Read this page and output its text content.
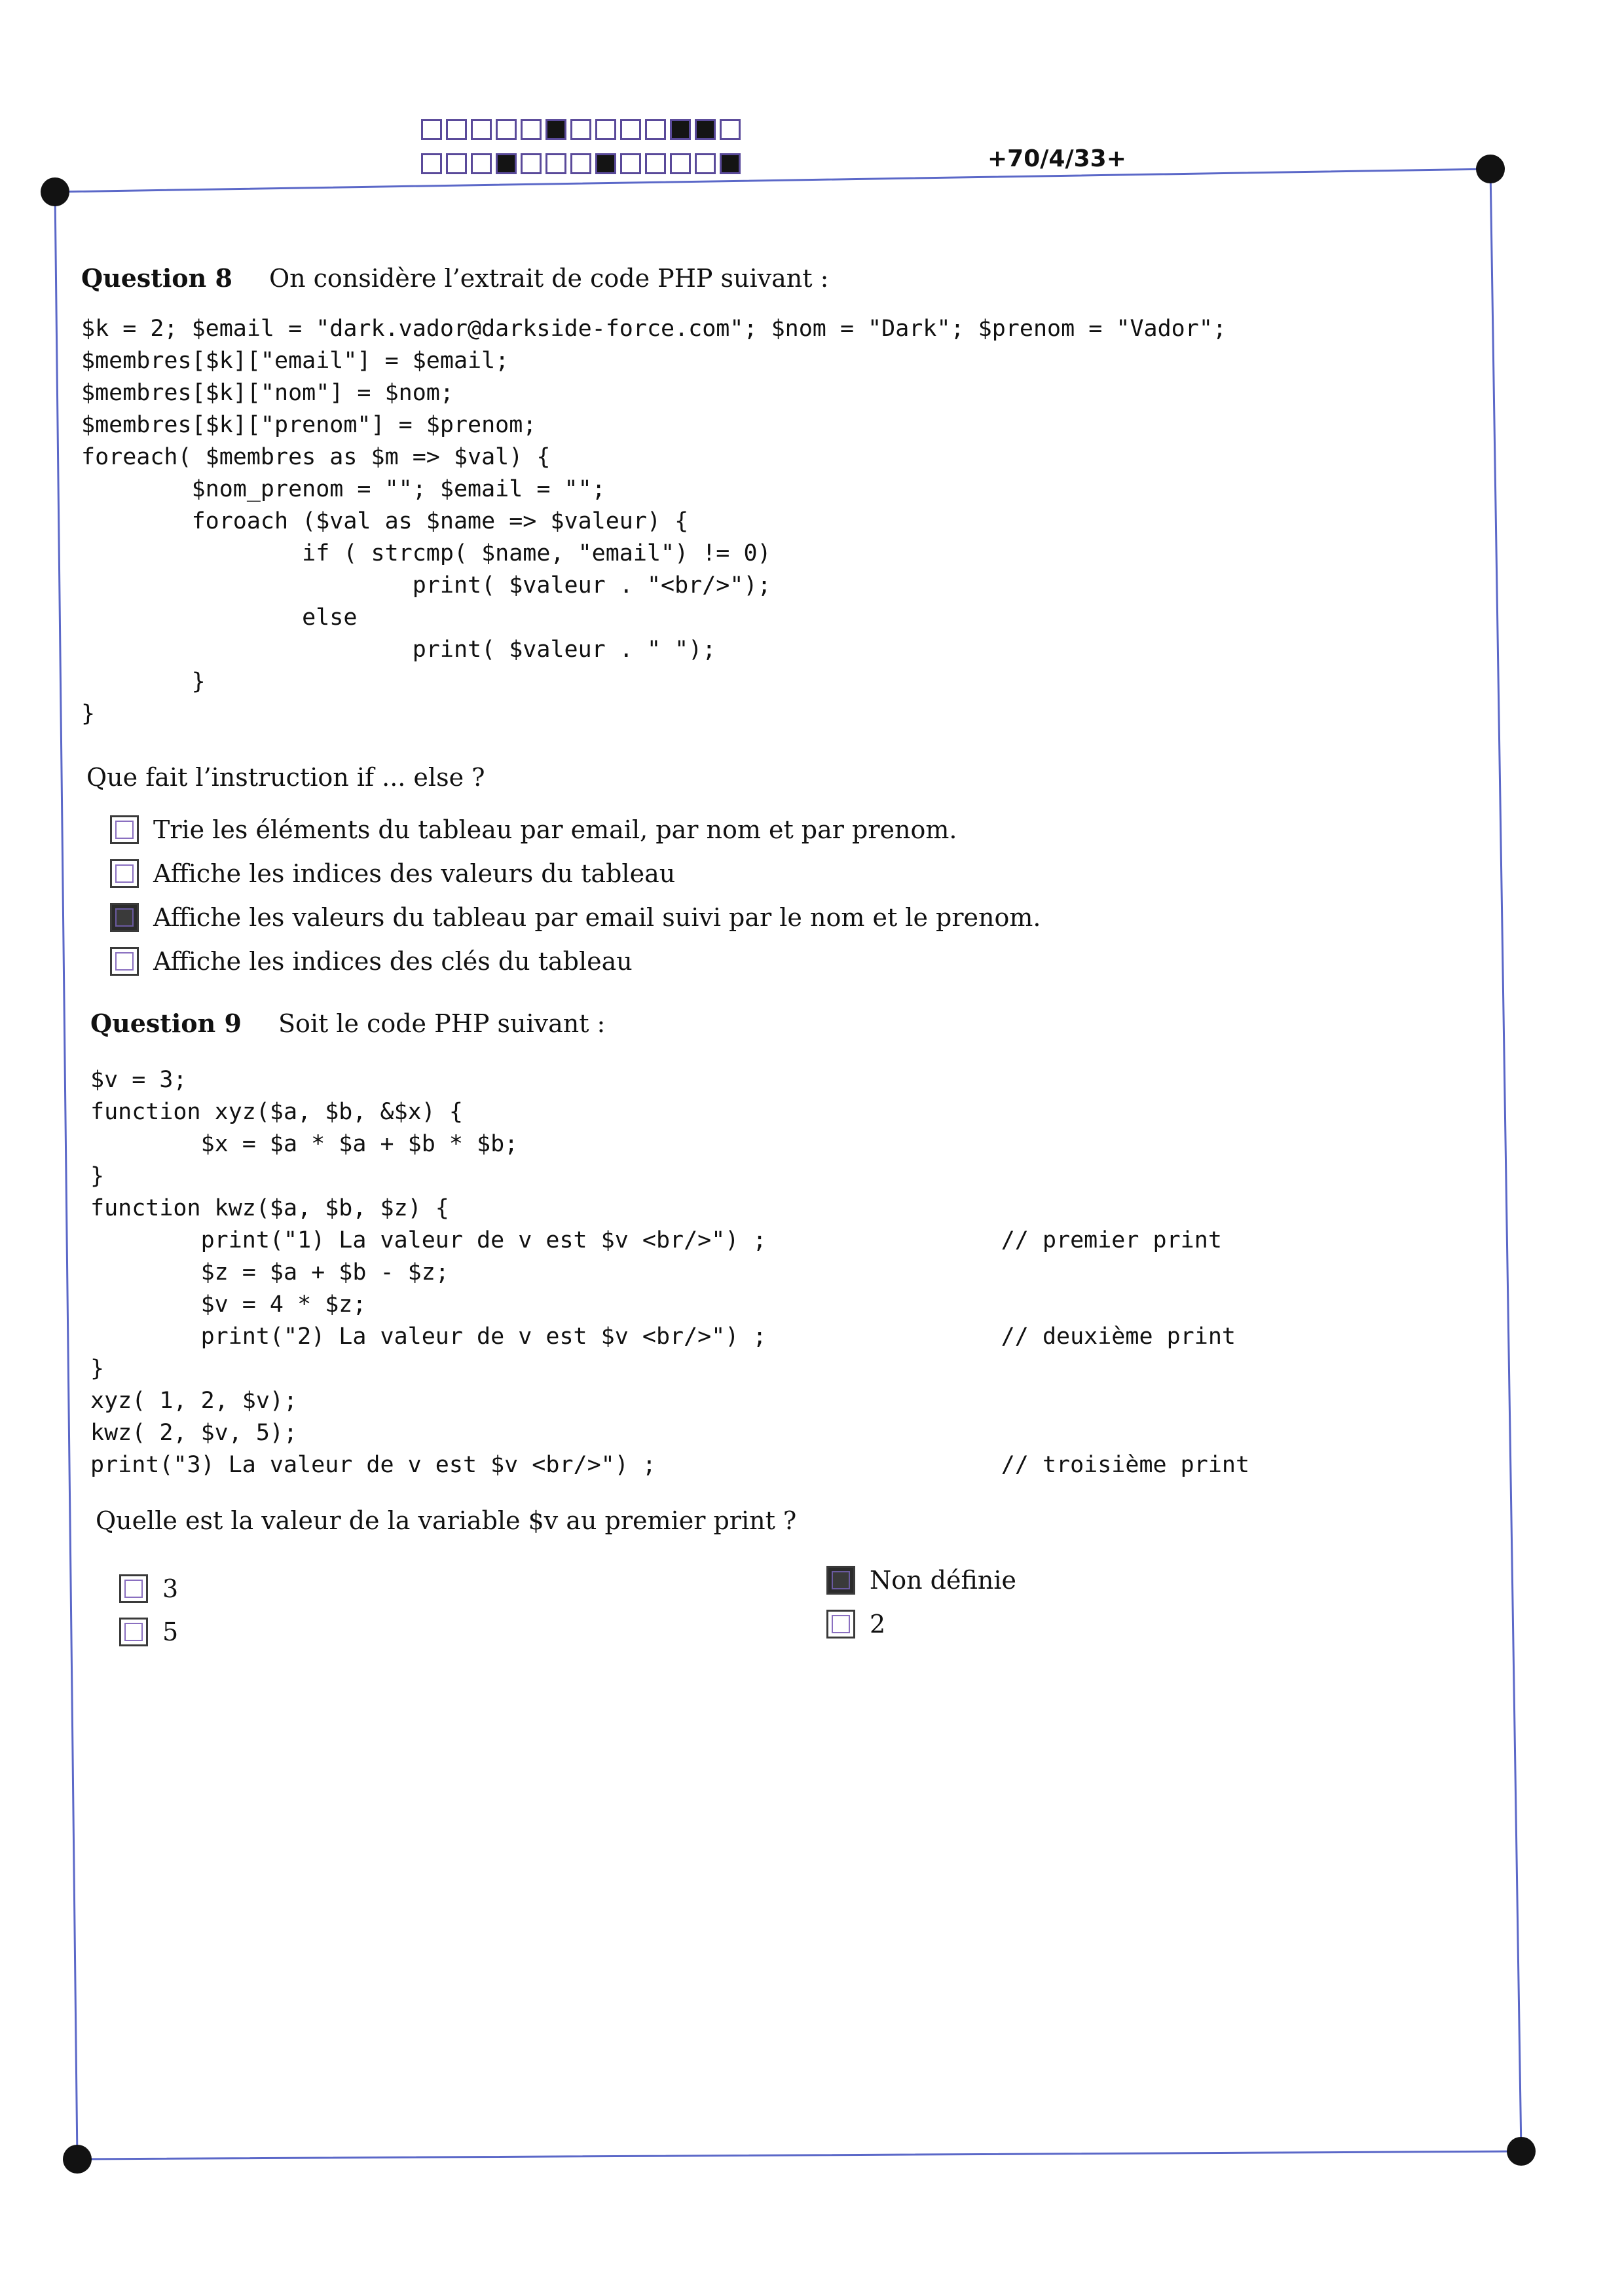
+70/4/33+
Question 8 On considère l’extrait de code PHP suivant :
$k = 2; $email = "dark.vador@darkside-force.com"; $nom = "Dark"; $prenom = "Vador";
$membres[$k]["email"] = $email;
$membres[$k]["nom"] = $nom;
$membres[$k]["prenom"] = $prenom;
foreach( $membres as $m => $val) {
$nom_prenom = ""; $email = "";
foroach ($val as $name => $valeur) {
if ( strcmp( $name, "email") != 0)
print( $valeur . "<br/>");
else
print( $valeur . " ");
}
}
Que fait l’instruction if ... else ?
Trie les éléments du tableau par email, par nom et par prenom.
Affiche les indices des valeurs du tableau
Affiche les valeurs du tableau par email suivi par le nom et le prenom.
Affiche les indices des clés du tableau
Question 9 Soit le code PHP suivant :
$v = 3;
function xyz($a, $b, &$x) {
$x = $a * $a + $b * $b;
}
function kwz($a, $b, $z) {
print("1) La valeur de v est $v <br/>") ;                 // premier print
$z = $a + $b - $z;
$v = 4 * $z;
print("2) La valeur de v est $v <br/>") ;                 // deuxième print
}
xyz( 1, 2, $v);
kwz( 2, $v, 5);
print("3) La valeur de v est $v <br/>") ;                         // troisième print
Quelle est la valeur de la variable $v au premier print ?
3
5
Non définie
2
